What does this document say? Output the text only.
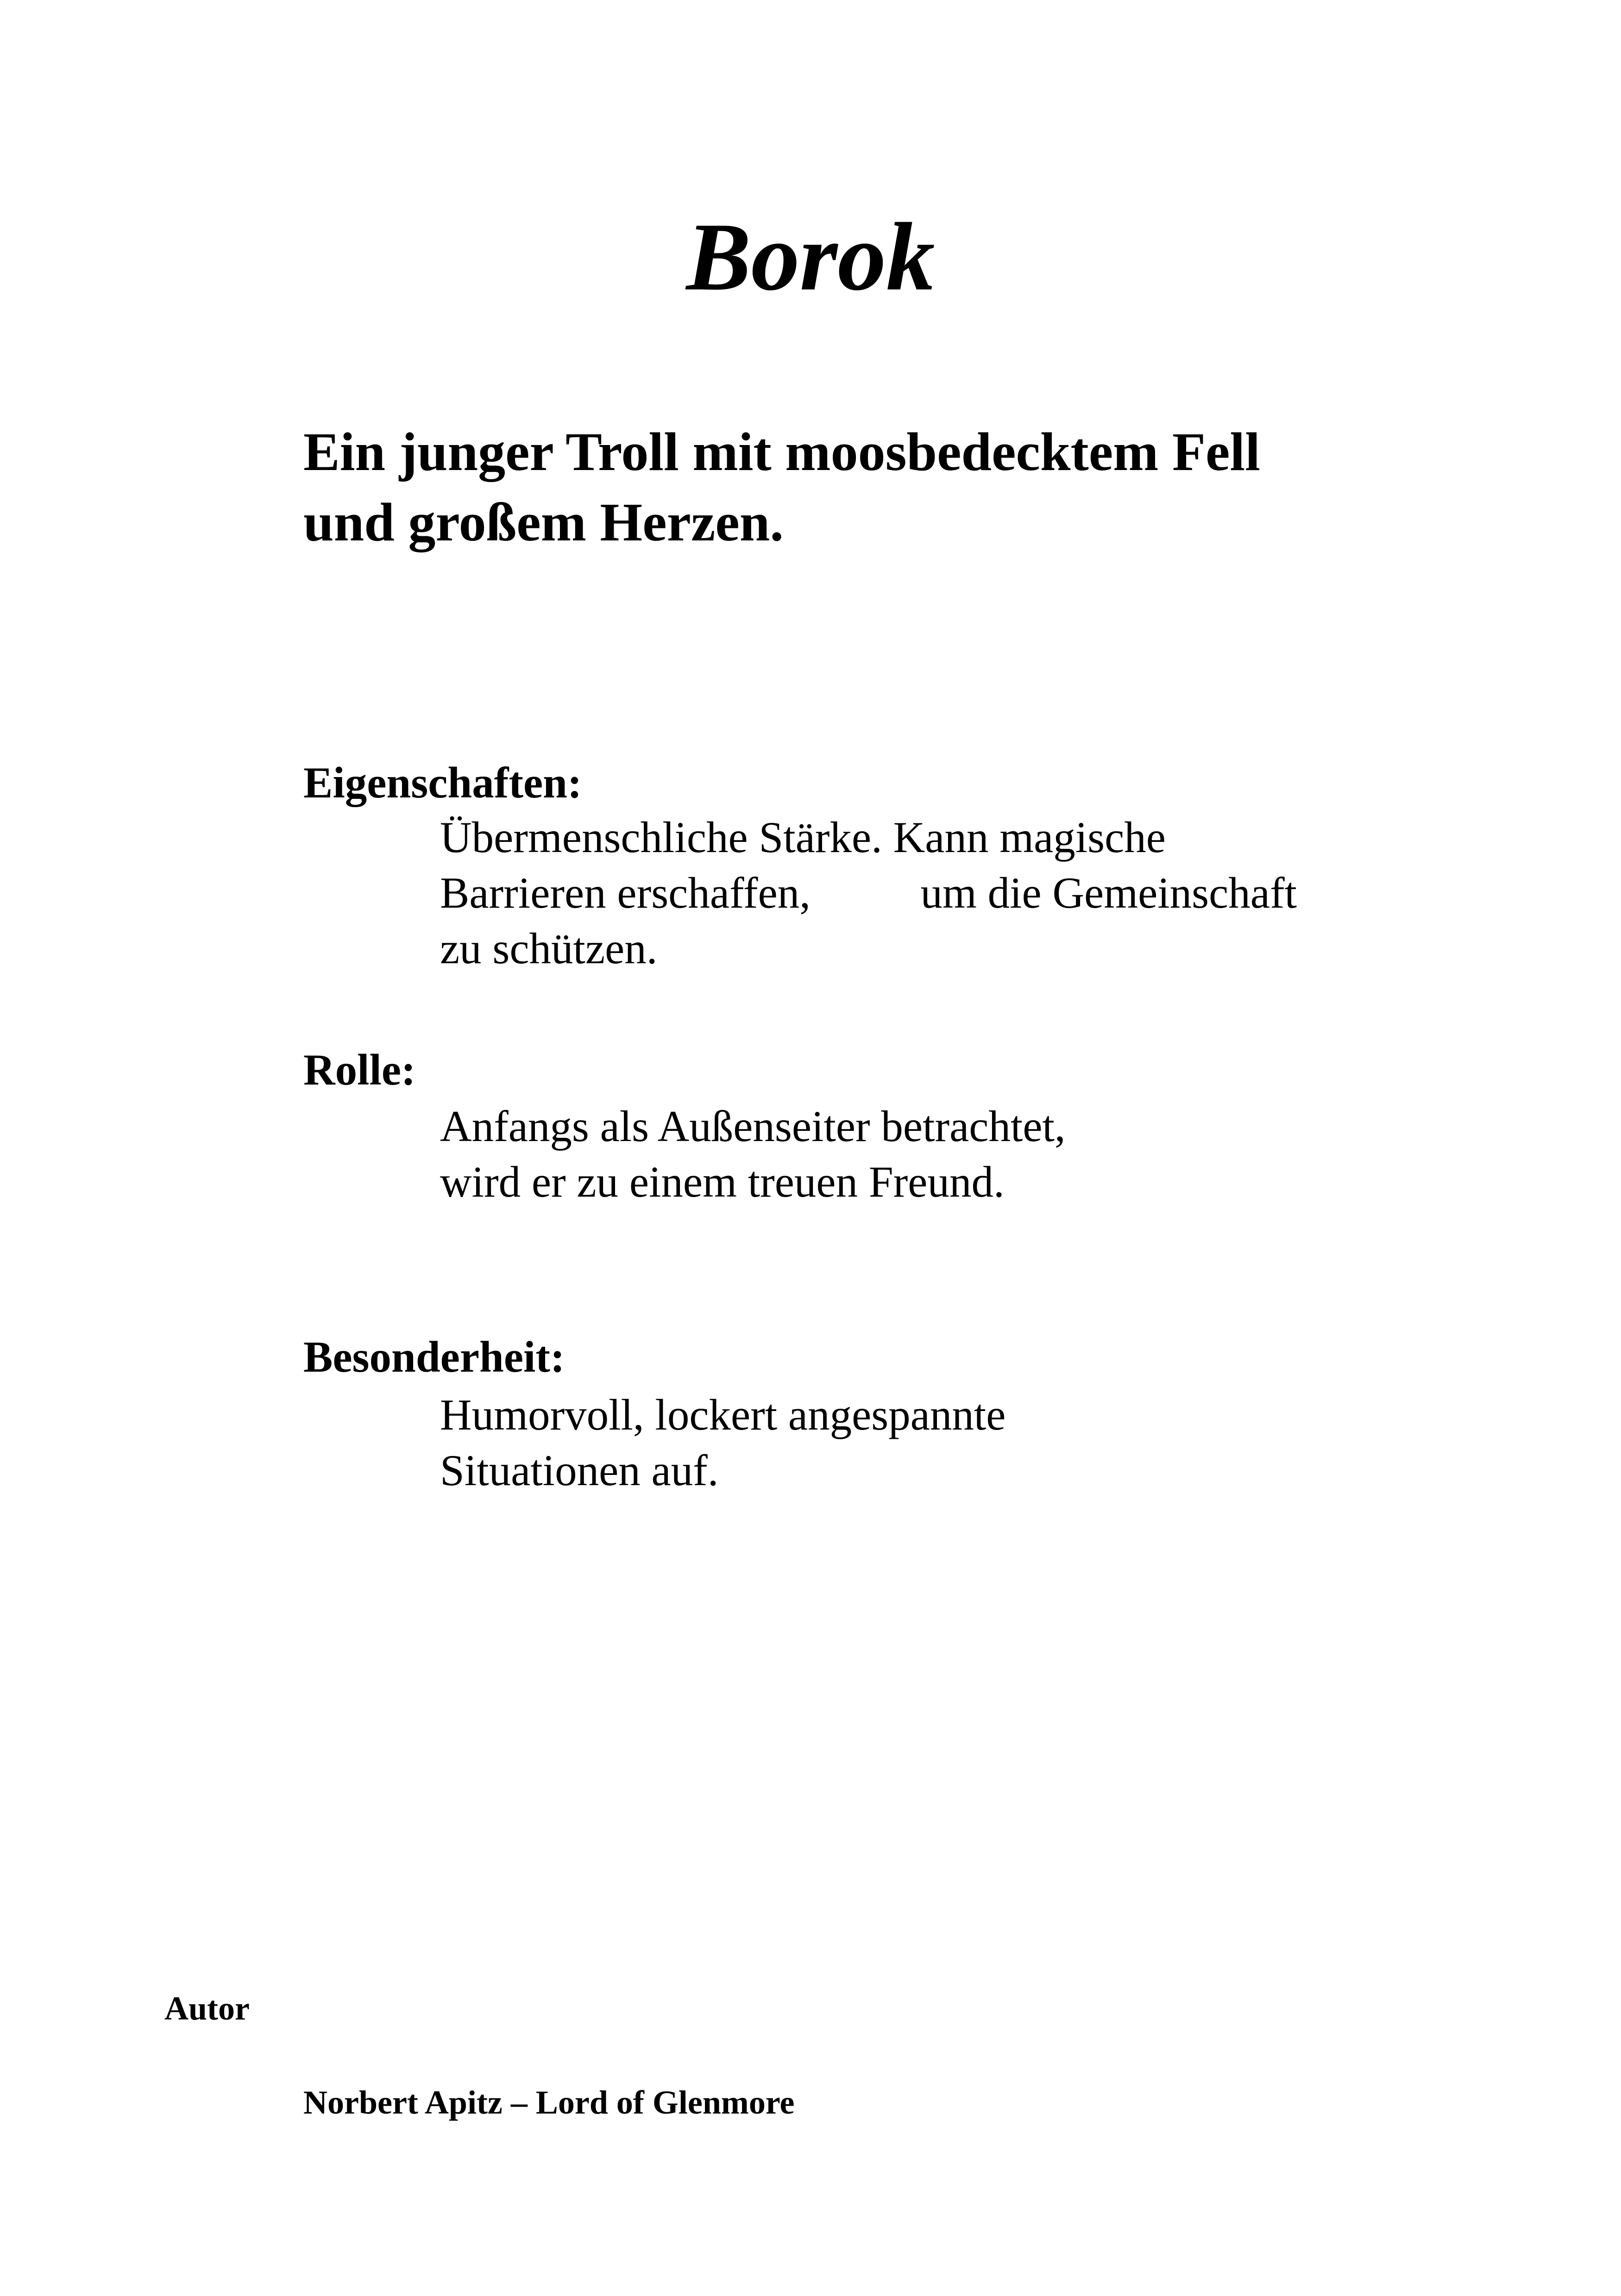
Borok
Ein junger Troll mit moosbedecktem Fell
und großem Herzen.
Eigenschaften:
Übermenschliche Stärke. Kann magische
Barrieren erschaffen,          um die Gemeinschaft
zu schützen.
Rolle:
Anfangs als Außenseiter betrachtet,
wird er zu einem treuen Freund.
Besonderheit:
Humorvoll, lockert angespannte
Situationen auf.
Autor
Norbert Apitz – Lord of Glenmore
